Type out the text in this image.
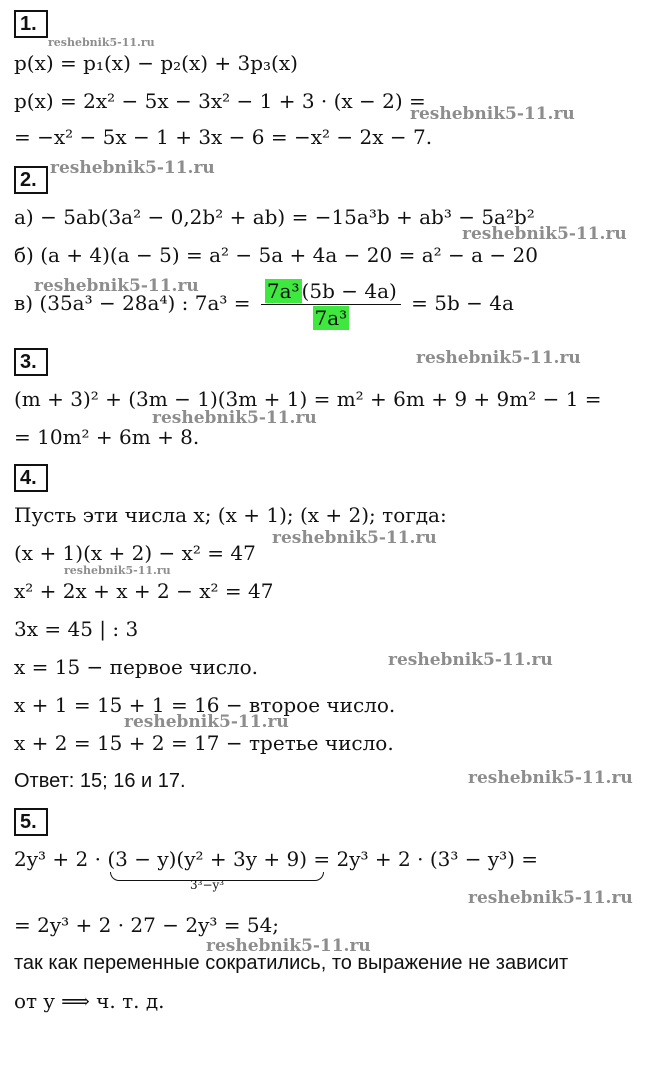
1.
reshebnik5-11.ru
p(x) = p₁(x) − p₂(x) + 3p₃(x)
p(x) = 2x² − 5x − 3x² − 1 + 3 · (x − 2) =
reshebnik5-11.ru
= −x² − 5x − 1 + 3x − 6 = −x² − 2x − 7.
2.
reshebnik5-11.ru
а) − 5ab(3a² − 0,2b² + ab) = −15a³b + ab³ − 5a²b²
reshebnik5-11.ru
б) (a + 4)(a − 5) = a² − 5a + 4a − 20 = a² − a − 20
reshebnik5-11.ru
в) (35a³ − 28a⁴) : $7a^3 = \frac{\text{7a³ (5b − 4a)}}{\text{7a³}} = 5b - 4a$
3.	reshebnik5-11.ru
(m + 3)² + (3m − 1)(3m + 1) = m² + 6m + 9 + 9m² − 1 =
reshebnik5-11.ru
= 10m² + 6m + 8.
4.
Пусть эти числа x; (x + 1); (x + 2); тогда:
(x + 1)(x + 2) − x² = 47
reshebnik5-11.ru
reshebnik5-11.ru
x² + 2x + x + 2 − x² = 47
3x = 45 | : 3
x = 15 − первое число.	reshebnik5-11.ru
x + 1 = 15 + 1 = 16 − второе число.
reshebnik5-11.ru
x + 2 = 15 + 2 = 17 − третье число.
Ответ: 15; 16 и 17.	reshebnik5-11.ru
5.
2y³ + 2 · (3 − y)(y² + 3y + 9) = 2y³ + 2 · (3³ − y³) =
3³−y³
reshebnik5-11.ru
= 2y³ + 2 · 27 − 2y³ = 54;
reshebnik5-11.ru
так как переменные сократились, то выражение не зависит
от y ⟹ ч. т. д.
